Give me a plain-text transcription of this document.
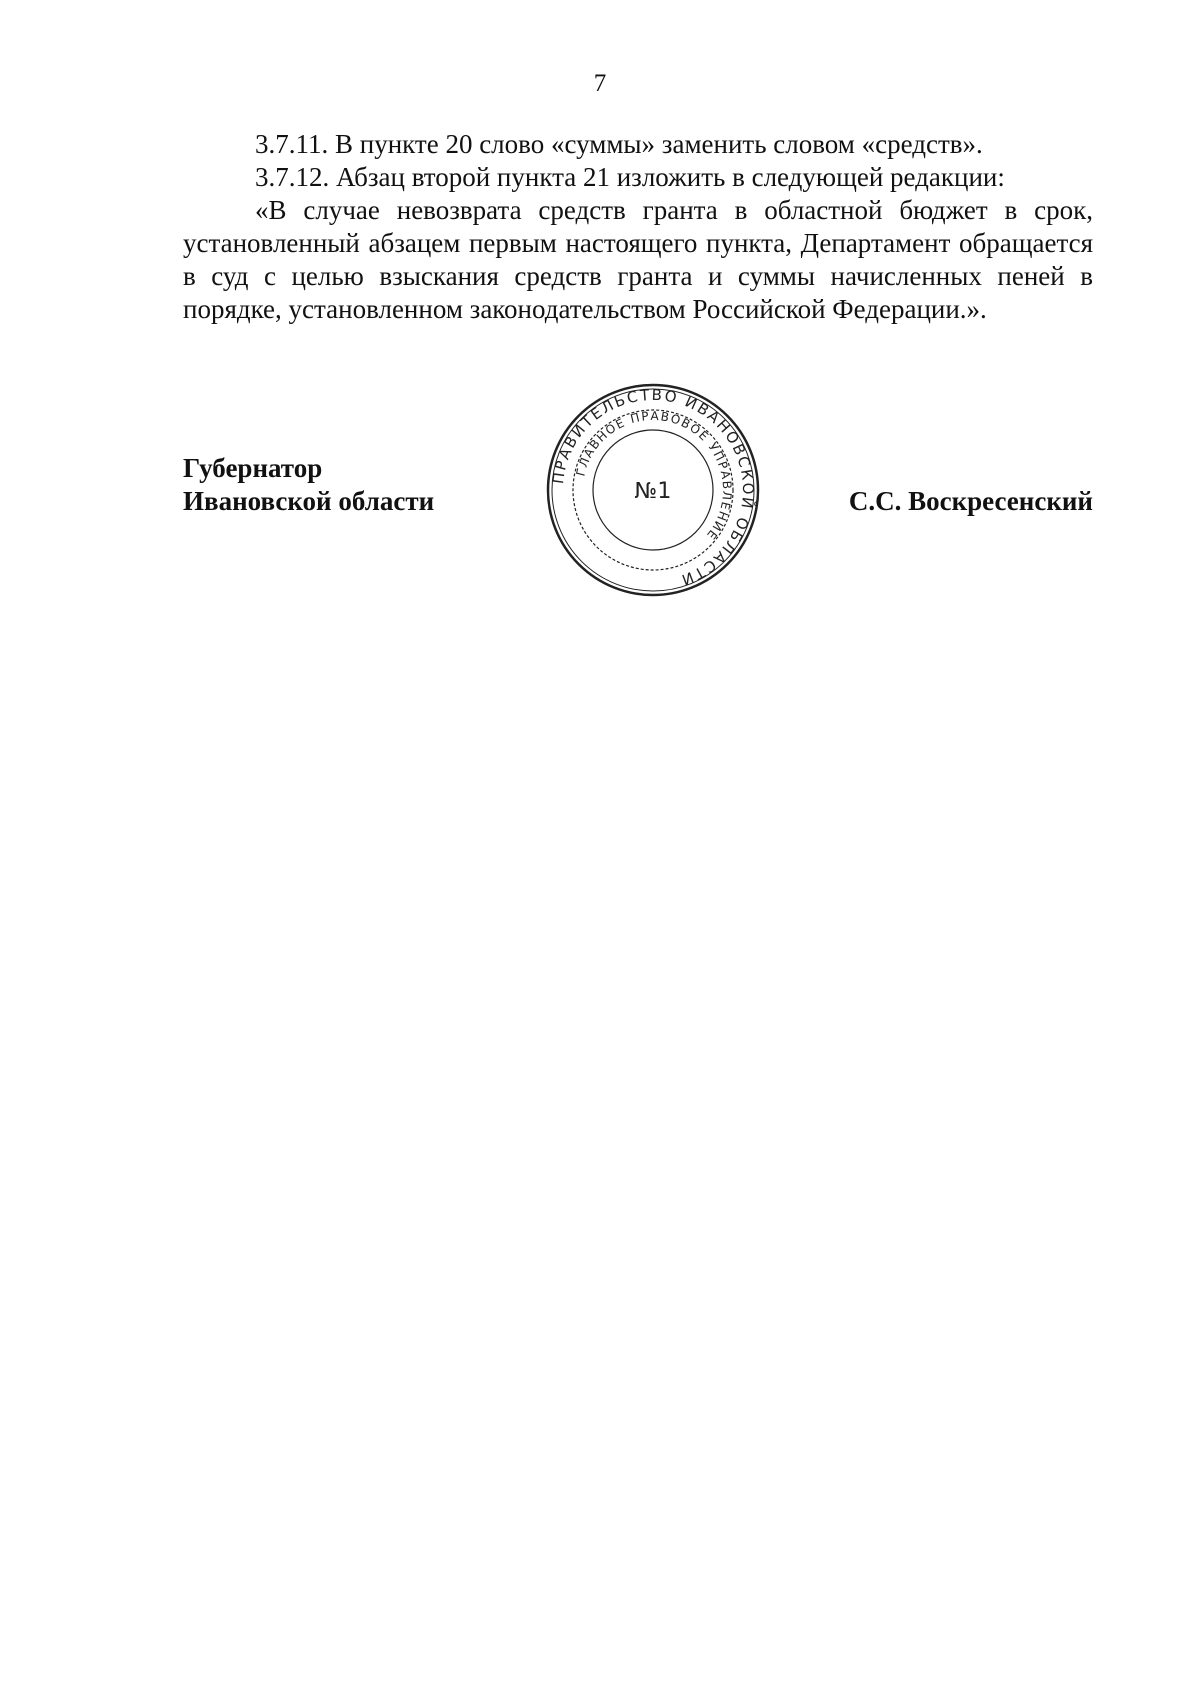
7

3.7.11. В пункте 20 слово «суммы» заменить словом «средств».

3.7.12. Абзац второй пункта 21 изложить в следующей редакции:

«В случае невозврата средств гранта в областной бюджет в срок, установленный абзацем первым настоящего пункта, Департамент обращается в суд с целью взыскания средств гранта и суммы начисленных пеней в порядке, установленном законодательством Российской Федерации.».

Губернатор
Ивановской области
ПРАВИТЕЛЬСТВО ИВАНОВСКОЙ ОБЛАСТИ
ГЛАВНОЕ ПРАВОВОЕ УПРАВЛЕНИЕ
№1	С.С. Воскресенский
